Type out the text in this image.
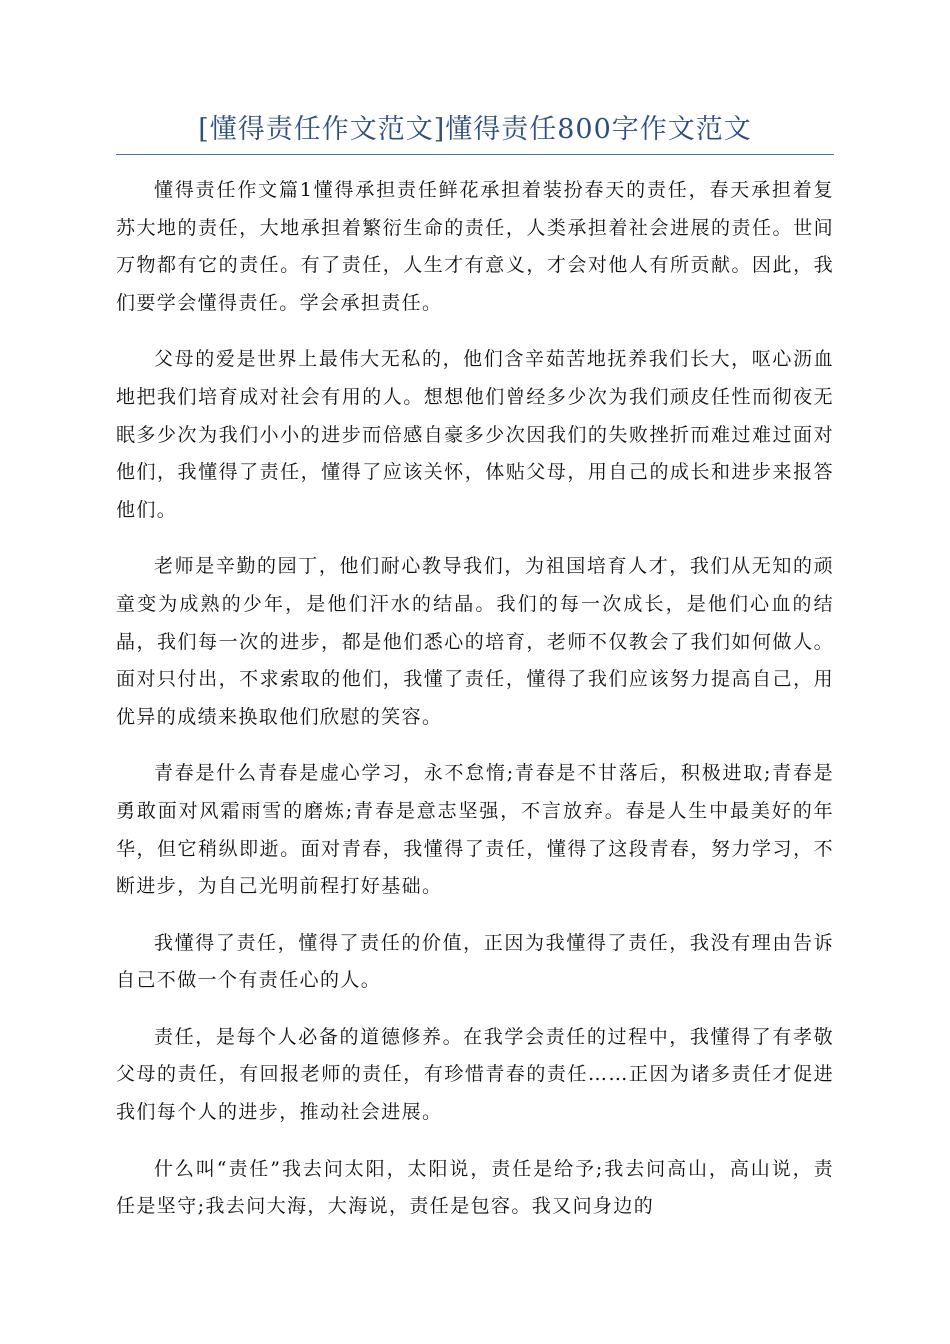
[懂得责任作文范文]懂得责任800字作文范文

懂得责任作文篇1懂得承担责任鲜花承担着装扮春天的责任，春天承担着复苏大地的责任，大地承担着繁衍生命的责任，人类承担着社会进展的责任。世间万物都有它的责任。有了责任，人生才有意义，才会对他人有所贡献。因此，我们要学会懂得责任。学会承担责任。

父母的爱是世界上最伟大无私的，他们含辛茹苦地抚养我们长大，呕心沥血地把我们培育成对社会有用的人。想想他们曾经多少次为我们顽皮任性而彻夜无眠多少次为我们小小的进步而倍感自豪多少次因我们的失败挫折而难过难过面对他们，我懂得了责任，懂得了应该关怀，体贴父母，用自己的成长和进步来报答他们。

老师是辛勤的园丁，他们耐心教导我们，为祖国培育人才，我们从无知的顽童变为成熟的少年，是他们汗水的结晶。我们的每一次成长，是他们心血的结晶，我们每一次的进步，都是他们悉心的培育，老师不仅教会了我们如何做人。面对只付出，不求索取的他们，我懂了责任，懂得了我们应该努力提高自己，用优异的成绩来换取他们欣慰的笑容。

青春是什么青春是虚心学习，永不怠惰;青春是不甘落后，积极进取;青春是勇敢面对风霜雨雪的磨炼;青春是意志坚强，不言放弃。春是人生中最美好的年华，但它稍纵即逝。面对青春，我懂得了责任，懂得了这段青春，努力学习，不断进步，为自己光明前程打好基础。

我懂得了责任，懂得了责任的价值，正因为我懂得了责任，我没有理由告诉自己不做一个有责任心的人。

责任，是每个人必备的道德修养。在我学会责任的过程中，我懂得了有孝敬父母的责任，有回报老师的责任，有珍惜青春的责任……正因为诸多责任才促进我们每个人的进步，推动社会进展。

什么叫“责任”我去问太阳，太阳说，责任是给予;我去问高山，高山说，责任是坚守;我去问大海，大海说，责任是包容。我又问身边的
